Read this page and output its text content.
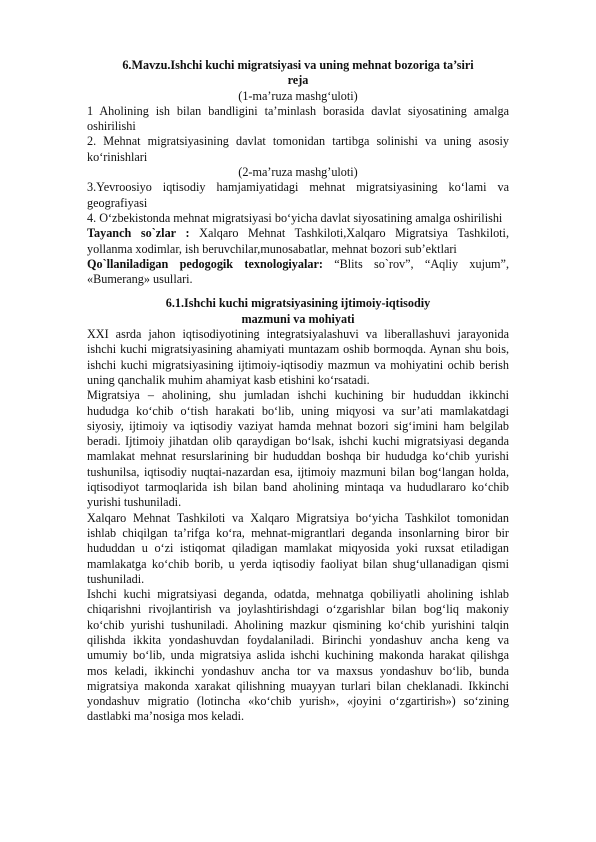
6.Mavzu.Ishchi kuchi migratsiyasi va uning mehnat bozoriga ta’siri

reja

(1-ma’ruza mashg‘uloti)

1 Aholining ish bilan bandligini ta’minlash borasida davlat siyosatining amalga oshirilishi

2. Mehnat migratsiyasining davlat tomonidan tartibga solinishi va uning asosiy ko‘rinishlari

(2-ma’ruza mashg’uloti)

3.Yevroosiyo iqtisodiy hamjamiyatidagi mehnat migratsiyasining ko‘lami va geografiyasi

4. O‘zbekistonda mehnat migratsiyasi bo‘yicha davlat siyosatining amalga oshirilishi

Tayanch so`zlar : Xalqaro Mehnat Tashkiloti,Xalqaro Migratsiya Tashkiloti, yollanma xodimlar, ish beruvchilar,munosabatlar, mehnat bozori sub’ektlari

Qo`llaniladigan pedogogik texnologiyalar: “Blits so`rov”, “Aqliy xujum”, «Bumerang» usullari.

6.1.Ishchi kuchi migratsiyasining ijtimoiy-iqtisodiy

mazmuni va mohiyati

XXI asrda jahon iqtisodiyotining integratsiyalashuvi va liberallashuvi jarayonida ishchi kuchi migratsiyasining ahamiyati muntazam oshib bormoqda. Aynan shu bois, ishchi kuchi migratsiyasining ijtimoiy-iqtisodiy mazmun va mohiyatini ochib berish uning qanchalik muhim ahamiyat kasb etishini ko‘rsatadi.

Migratsiya – aholining, shu jumladan ishchi kuchining bir hududdan ikkinchi hududga ko‘chib o‘tish harakati bo‘lib, uning miqyosi va sur’ati mamlakatdagi siyosiy, ijtimoiy va iqtisodiy vaziyat hamda mehnat bozori sig‘imini ham belgilab beradi. Ijtimoiy jihatdan olib qaraydigan bo‘lsak, ishchi kuchi migratsiyasi deganda mamlakat mehnat resurslarining bir hududdan boshqa bir hududga ko‘chib yurishi tushunilsa, iqtisodiy nuqtai-nazardan esa, ijtimoiy mazmuni bilan bog‘langan holda, iqtisodiyot tarmoqlarida ish bilan band aholining mintaqa va hududlararo ko‘chib yurishi tushuniladi.

Xalqaro Mehnat Tashkiloti va Xalqaro Migratsiya bo‘yicha Tashkilot tomonidan ishlab chiqilgan ta’rifga ko‘ra, mehnat-migrantlari deganda insonlarning biror bir hududdan u o‘zi istiqomat qiladigan mamlakat miqyosida yoki ruxsat etiladigan mamlakatga ko‘chib borib, u yerda iqtisodiy faoliyat bilan shug‘ullanadigan qismi tushuniladi.

Ishchi kuchi migratsiyasi deganda, odatda, mehnatga qobiliyatli aholining ishlab chiqarishni rivojlantirish va joylashtirishdagi o‘zgarishlar bilan bog‘liq makoniy ko‘chib yurishi tushuniladi. Aholining mazkur qismining ko‘chib yurishini talqin qilishda ikkita yondashuvdan foydalaniladi. Birinchi yondashuv ancha keng va umumiy bo‘lib, unda migratsiya aslida ishchi kuchining makonda harakat qilishga mos keladi, ikkinchi yondashuv ancha tor va maxsus yondashuv bo‘lib, bunda migratsiya makonda xarakat qilishning muayyan turlari bilan cheklanadi. Ikkinchi yondashuv migratio (lotincha «ko‘chib yurish», «joyini o‘zgartirish») so‘zining dastlabki ma’nosiga mos keladi.
